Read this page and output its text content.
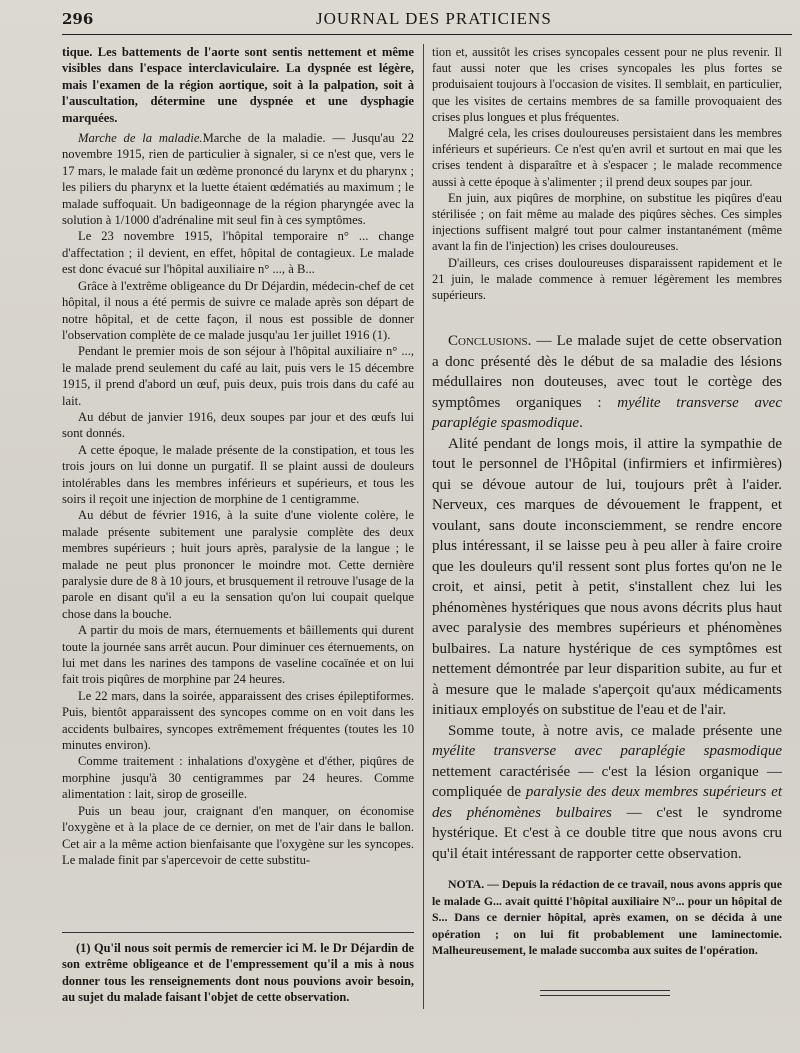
296	JOURNAL DES PRATICIENS

tique. Les battements de l'aorte sont sentis nettement et même visibles dans l'espace interclaviculaire. La dyspnée est légère, mais l'examen de la région aortique, soit à la palpation, soit à l'auscultation, détermine une dyspnée et une dysphagie marquées.

Marche de la maladie.Marche de la maladie. — Jusqu'au 22 novembre 1915, rien de particulier à signaler, si ce n'est que, vers le 17 mars, le malade fait un œdème prononcé du larynx et du pharynx ; les piliers du pharynx et la luette étaient œdématiés au maximum ; le malade suffoquait. Un badigeonnage de la région pharyngée avec la solution à 1/1000 d'adrénaline mit seul fin à ces symptômes.

Le 23 novembre 1915, l'hôpital temporaire n° ... change d'affectation ; il devient, en effet, hôpital de contagieux. Le malade est donc évacué sur l'hôpital auxiliaire n° ..., à B...

Grâce à l'extrême obligeance du Dr Déjardin, médecin-chef de cet hôpital, il nous a été permis de suivre ce malade après son départ de notre hôpital, et de cette façon, il nous est possible de donner l'observation complète de ce malade jusqu'au 1er juillet 1916 (1).

Pendant le premier mois de son séjour à l'hôpital auxiliaire n° ..., le malade prend seulement du café au lait, puis vers le 15 décembre 1915, il prend d'abord un œuf, puis deux, puis trois dans du café au lait.

Au début de janvier 1916, deux soupes par jour et des œufs lui sont donnés.

A cette époque, le malade présente de la constipation, et tous les trois jours on lui donne un purgatif. Il se plaint aussi de douleurs intolérables dans les membres inférieurs et supérieurs, et tous les soirs il reçoit une injection de morphine de 1 centigramme.

Au début de février 1916, à la suite d'une violente colère, le malade présente subitement une paralysie complète des deux membres supérieurs ; huit jours après, paralysie de la langue ; le malade ne peut plus prononcer le moindre mot. Cette dernière paralysie dure de 8 à 10 jours, et brusquement il retrouve l'usage de la parole en disant qu'il a eu la sensation qu'on lui coupait quelque chose dans la bouche.

A partir du mois de mars, éternuements et bâillements qui durent toute la journée sans arrêt aucun. Pour diminuer ces éternuements, on lui met dans les narines des tampons de vaseline cocaïnée et on lui fait trois piqûres de morphine par 24 heures.

Le 22 mars, dans la soirée, apparaissent des crises épileptiformes. Puis, bientôt apparaissent des syncopes comme on en voit dans les accidents bulbaires, syncopes extrêmement fréquentes (toutes les 10 minutes environ).

Comme traitement : inhalations d'oxygène et d'éther, piqûres de morphine jusqu'à 30 centigrammes par 24 heures. Comme alimentation : lait, sirop de groseille.

Puis un beau jour, craignant d'en manquer, on économise l'oxygène et à la place de ce dernier, on met de l'air dans le ballon. Cet air a la même action bienfaisante que l'oxygène sur les syncopes. Le malade finit par s'apercevoir de cette substitu-

(1) Qu'il nous soit permis de remercier ici M. le Dr Déjardin de son extrême obligeance et de l'empressement qu'il a mis à nous donner tous les renseignements dont nous pouvions avoir besoin, au sujet du malade faisant l'objet de cette observation.

tion et, aussitôt les crises syncopales cessent pour ne plus revenir. Il faut aussi noter que les crises syncopales les plus fortes se produisaient toujours à l'occasion de visites. Il semblait, en particulier, que les visites de certains membres de sa famille provoquaient des crises plus longues et plus fréquentes.

Malgré cela, les crises douloureuses persistaient dans les membres inférieurs et supérieurs. Ce n'est qu'en avril et surtout en mai que les crises tendent à disparaître et à s'espacer ; le malade recommence aussi à cette époque à s'alimenter ; il prend deux soupes par jour.

En juin, aux piqûres de morphine, on substitue les piqûres d'eau stérilisée ; on fait même au malade des piqûres sèches. Ces simples injections suffisent malgré tout pour calmer instantanément (même avant la fin de l'injection) les crises douloureuses.

D'ailleurs, ces crises douloureuses disparaissent rapidement et le 21 juin, le malade commence à remuer légèrement les membres supérieurs.

Conclusions. — Le malade sujet de cette observation a donc présenté dès le début de sa maladie des lésions médullaires non douteuses, avec tout le cortège des symptômes organiques : myélite transverse avec paraplégie spasmodique.

Alité pendant de longs mois, il attire la sympathie de tout le personnel de l'Hôpital (infirmiers et infirmières) qui se dévoue autour de lui, toujours prêt à l'aider. Nerveux, ces marques de dévouement le frappent, et voulant, sans doute inconsciemment, se rendre encore plus intéressant, il se laisse peu à peu aller à faire croire que les douleurs qu'il ressent sont plus fortes qu'on ne le croit, et ainsi, petit à petit, s'installent chez lui les phénomènes hystériques que nous avons décrits plus haut avec paralysie des membres supérieurs et phénomènes bulbaires. La nature hystérique de ces symptômes est nettement démontrée par leur disparition subite, au fur et à mesure que le malade s'aperçoit qu'aux médicaments initiaux employés on substitue de l'eau et de l'air.

Somme toute, à notre avis, ce malade présente une myélite transverse avec paraplégie spasmodique nettement caractérisée — c'est la lésion organique — compliquée de paralysie des deux membres supérieurs et des phénomènes bulbaires — c'est le syndrome hystérique. Et c'est à ce double titre que nous avons cru qu'il était intéressant de rapporter cette observation.

NOTA. — Depuis la rédaction de ce travail, nous avons appris que le malade G... avait quitté l'hôpital auxiliaire N°... pour un hôpital de S... Dans ce dernier hôpital, après examen, on se décida à une opération ; on lui fit probablement une laminectomie. Malheureusement, le malade succomba aux suites de l'opération.
